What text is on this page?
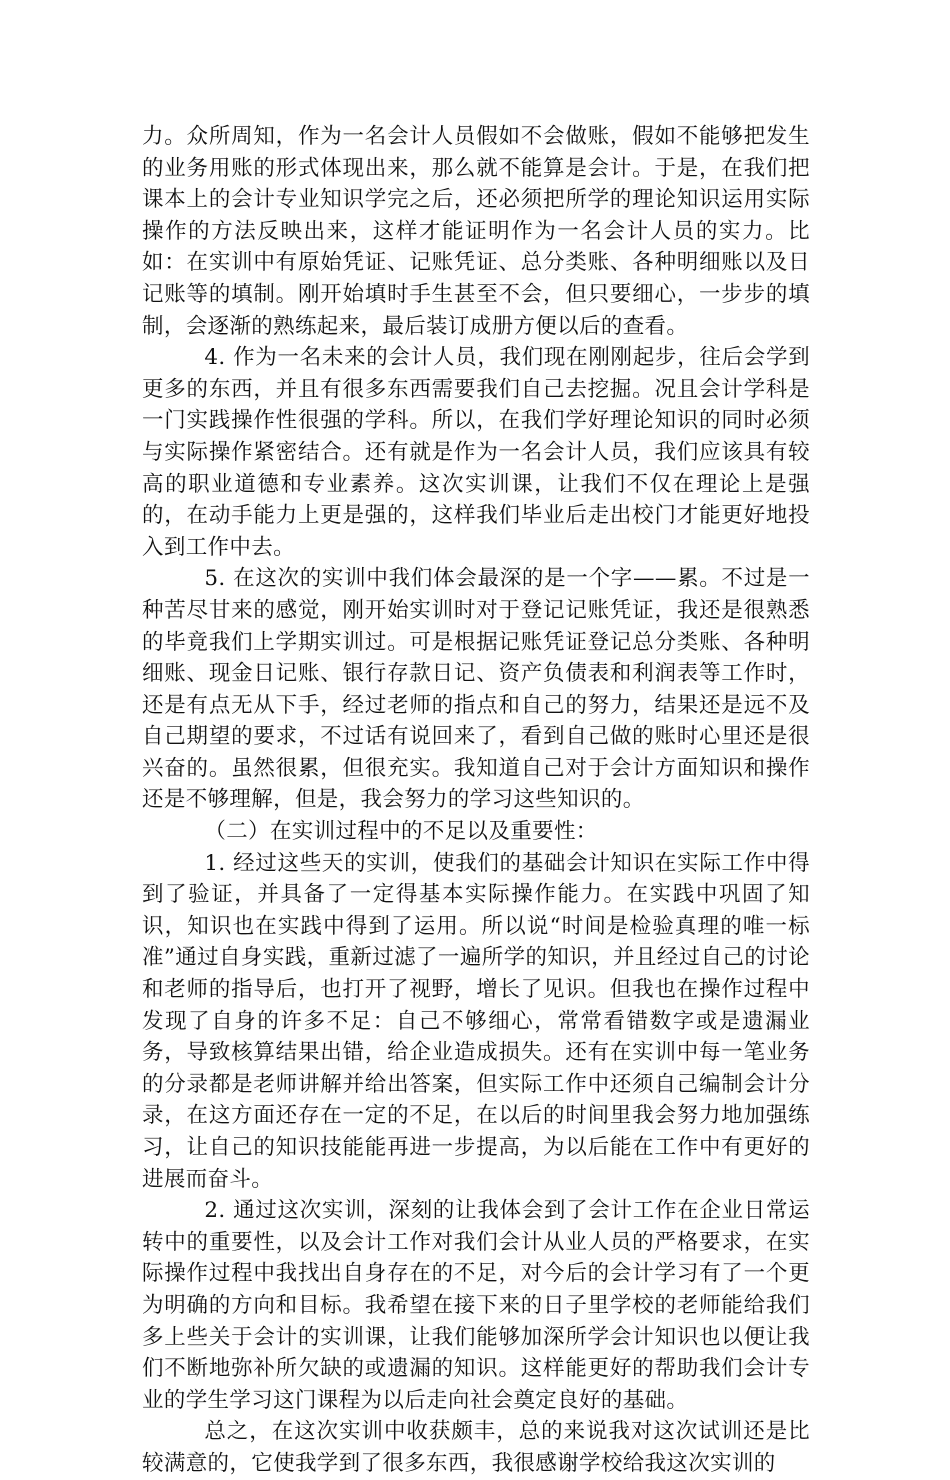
力。众所周知，作为一名会计人员假如不会做账，假如不能够把发生的业务用账的形式体现出来，那么就不能算是会计。于是，在我们把课本上的会计专业知识学完之后，还必须把所学的理论知识运用实际操作的方法反映出来，这样才能证明作为一名会计人员的实力。比如：在实训中有原始凭证、记账凭证、总分类账、各种明细账以及日记账等的填制。刚开始填时手生甚至不会，但只要细心，一步步的填制，会逐渐的熟练起来，最后装订成册方便以后的查看。

4. 作为一名未来的会计人员，我们现在刚刚起步，往后会学到更多的东西，并且有很多东西需要我们自己去挖掘。况且会计学科是一门实践操作性很强的学科。所以，在我们学好理论知识的同时必须与实际操作紧密结合。还有就是作为一名会计人员，我们应该具有较高的职业道德和专业素养。这次实训课，让我们不仅在理论上是强的，在动手能力上更是强的，这样我们毕业后走出校门才能更好地投入到工作中去。

5. 在这次的实训中我们体会最深的是一个字——累。不过是一种苦尽甘来的感觉，刚开始实训时对于登记记账凭证，我还是很熟悉的毕竟我们上学期实训过。可是根据记账凭证登记总分类账、各种明细账、现金日记账、银行存款日记、资产负债表和利润表等工作时，还是有点无从下手，经过老师的指点和自己的努力，结果还是远不及自己期望的要求，不过话有说回来了，看到自己做的账时心里还是很兴奋的。虽然很累，但很充实。我知道自己对于会计方面知识和操作还是不够理解，但是，我会努力的学习这些知识的。

（二）在实训过程中的不足以及重要性：

1. 经过这些天的实训，使我们的基础会计知识在实际工作中得到了验证，并具备了一定得基本实际操作能力。在实践中巩固了知识，知识也在实践中得到了运用。所以说“时间是检验真理的唯一标准”通过自身实践，重新过滤了一遍所学的知识，并且经过自己的讨论和老师的指导后，也打开了视野，增长了见识。但我也在操作过程中发现了自身的许多不足：自己不够细心，常常看错数字或是遗漏业务，导致核算结果出错，给企业造成损失。还有在实训中每一笔业务的分录都是老师讲解并给出答案，但实际工作中还须自己编制会计分录，在这方面还存在一定的不足，在以后的时间里我会努力地加强练习，让自己的知识技能能再进一步提高，为以后能在工作中有更好的进展而奋斗。

2. 通过这次实训，深刻的让我体会到了会计工作在企业日常运转中的重要性，以及会计工作对我们会计从业人员的严格要求，在实际操作过程中我找出自身存在的不足，对今后的会计学习有了一个更为明确的方向和目标。我希望在接下来的日子里学校的老师能给我们多上些关于会计的实训课，让我们能够加深所学会计知识也以便让我们不断地弥补所欠缺的或遗漏的知识。这样能更好的帮助我们会计专业的学生学习这门课程为以后走向社会奠定良好的基础。

总之，在这次实训中收获颇丰，总的来说我对这次试训还是比较满意的，它使我学到了很多东西，我很感谢学校给我这次实训的
